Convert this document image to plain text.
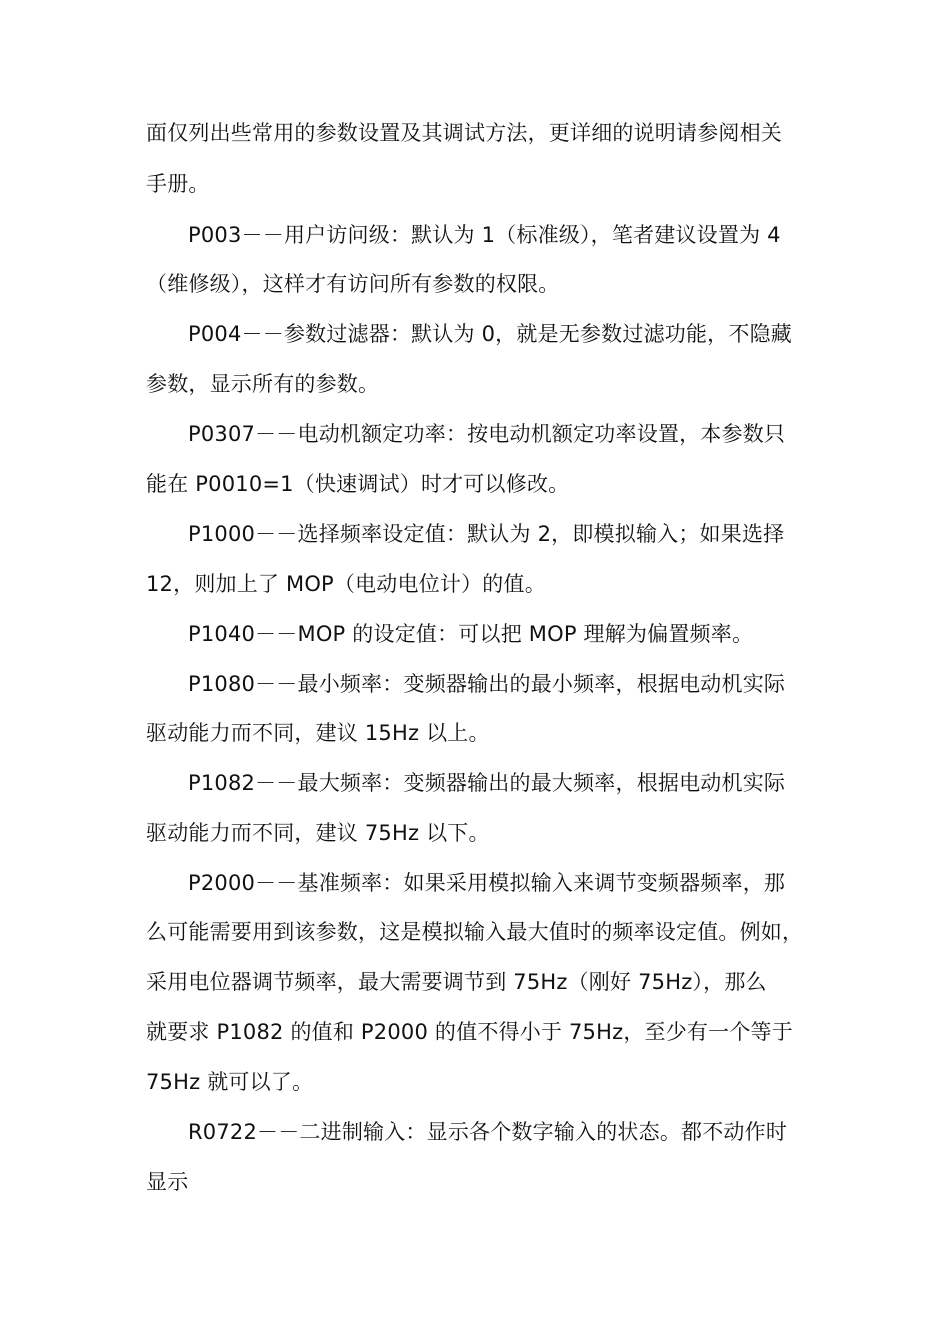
面仅列出些常用的参数设置及其调试方法，更详细的说明请参阅相关
手册。
P003－－用户访问级：默认为 1（标准级），笔者建议设置为 4
（维修级），这样才有访问所有参数的权限。
P004－－参数过滤器：默认为 0，就是无参数过滤功能，不隐藏
参数，显示所有的参数。
P0307－－电动机额定功率：按电动机额定功率设置，本参数只
能在 P0010=1（快速调试）时才可以修改。
P1000－－选择频率设定值：默认为 2，即模拟输入；如果选择
12，则加上了 MOP（电动电位计）的值。
P1040－－MOP 的设定值：可以把 MOP 理解为偏置频率。
P1080－－最小频率：变频器输出的最小频率，根据电动机实际
驱动能力而不同，建议 15Hz 以上。
P1082－－最大频率：变频器输出的最大频率，根据电动机实际
驱动能力而不同，建议 75Hz 以下。
P2000－－基准频率：如果采用模拟输入来调节变频器频率，那
么可能需要用到该参数，这是模拟输入最大值时的频率设定值。例如，
采用电位器调节频率，最大需要调节到 75Hz（刚好 75Hz），那么
就要求 P1082 的值和 P2000 的值不得小于 75Hz，至少有一个等于
75Hz 就可以了。
R0722－－二进制输入：显示各个数字输入的状态。都不动作时
显示
